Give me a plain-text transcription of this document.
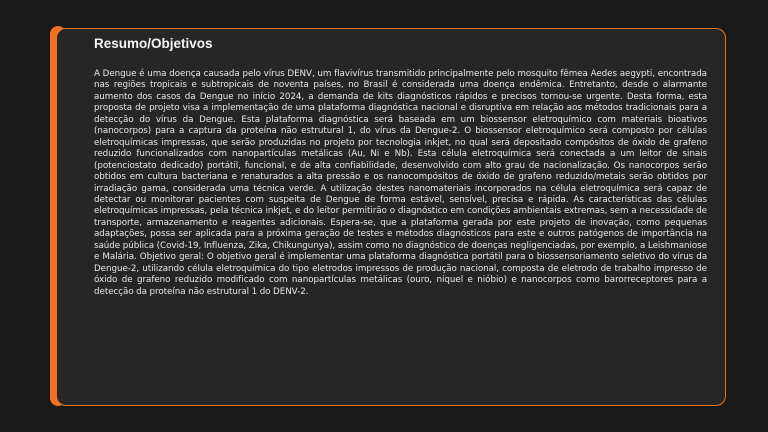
Resumo/Objetivos

A Dengue é uma doença causada pelo vírus DENV, um flavivírus transmitido principalmente pelo mosquito fêmea Aedes aegypti, encontrada nas regiões tropicais e subtropicais de noventa países, no Brasil é considerada uma doença endêmica. Entretanto, desde o alarmante aumento dos casos da Dengue no início 2024, a demanda de kits diagnósticos rápidos e precisos tornou-se urgente. Desta forma, esta proposta de projeto visa a implementação de uma plataforma diagnóstica nacional e disruptiva em relação aos métodos tradicionais para a detecção do vírus da Dengue. Esta plataforma diagnóstica será baseada em um biossensor eletroquímico com materiais bioativos (nanocorpos) para a captura da proteína não estrutural 1, do vírus da Dengue-2. O biossensor eletroquímico será composto por células eletroquímicas impressas, que serão produzidas no projeto por tecnologia inkjet, no qual será depositado compósitos de óxido de grafeno reduzido funcionalizados com nanopartículas metálicas (Au, Ni e Nb). Esta célula eletroquímica será conectada a um leitor de sinais (potenciostato dedicado) portátil, funcional, e de alta confiabilidade, desenvolvido com alto grau de nacionalização. Os nanocorpos serão obtidos em cultura bacteriana e renaturados a alta pressão e os nanocompósitos de óxido de grafeno reduzido/metais serão obtidos por irradiação gama, considerada uma técnica verde. A utilização destes nanomateriais incorporados na célula eletroquímica será capaz de detectar ou monitorar pacientes com suspeita de Dengue de forma estável, sensível, precisa e rápida. As características das células eletroquímicas impressas, pela técnica inkjet, e do leitor permitirão o diagnóstico em condições ambientais extremas, sem a necessidade de transporte, armazenamento e reagentes adicionais. Espera-se, que a plataforma gerada por este projeto de inovação, como pequenas adaptações, possa ser aplicada para a próxima geração de testes e métodos diagnósticos para este e outros patógenos de importância na saúde pública (Covid-19, Influenza, Zika, Chikungunya), assim como no diagnóstico de doenças negligenciadas, por exemplo, a Leishmaniose e Malária. Objetivo geral: O objetivo geral é implementar uma plataforma diagnóstica portátil para o biossensoriamento seletivo do vírus da Dengue-2, utilizando célula eletroquímica do tipo eletrodos impressos de produção nacional, composta de eletrodo de trabalho impresso de óxido de grafeno reduzido modificado com nanopartículas metálicas (ouro, níquel e nióbio) e nanocorpos como barorreceptores para a detecção da proteína não estrutural 1 do DENV-2.
